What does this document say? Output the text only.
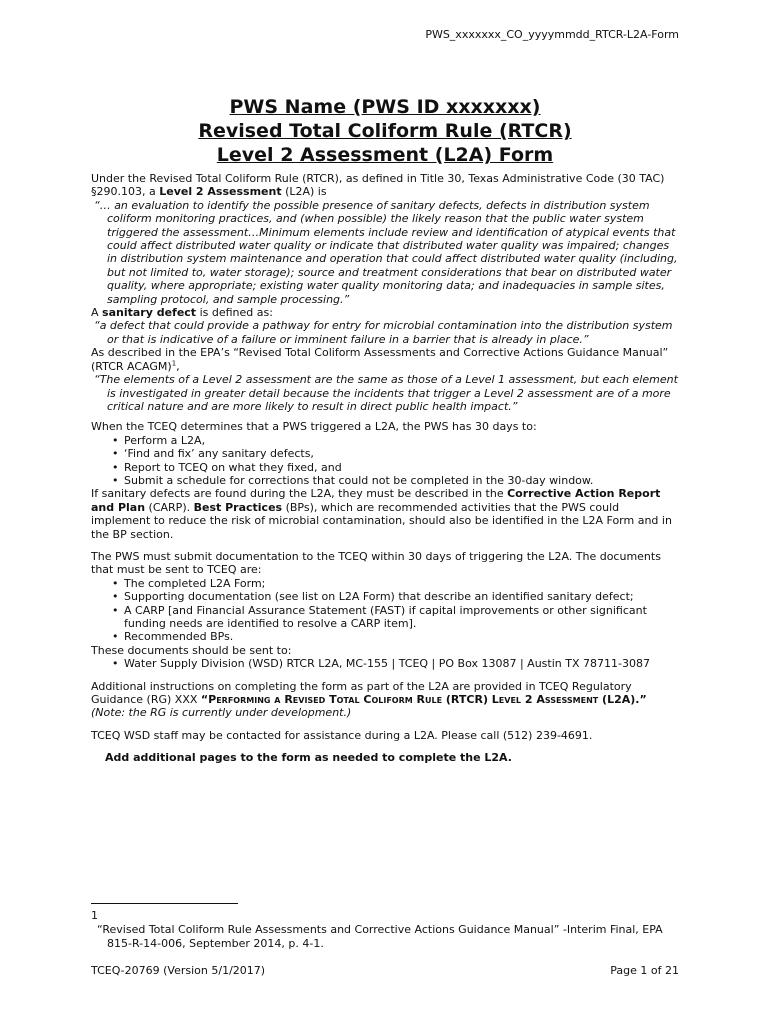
PWS_xxxxxxx_CO_yyyymmdd_RTCR-L2A-Form
PWS Name (PWS ID xxxxxxx)
Revised Total Coliform Rule (RTCR)
Level 2 Assessment (L2A) Form

Under the Revised Total Coliform Rule (RTCR), as defined in Title 30, Texas Administrative Code (30 TAC) §290.103, a Level 2 Assessment (L2A) is

“… an evaluation to identify the possible presence of sanitary defects, defects in distribution system coliform monitoring practices, and (when possible) the likely reason that the public water system triggered the assessment…Minimum elements include review and identification of atypical events that could affect distributed water quality or indicate that distributed water quality was impaired; changes in distribution system maintenance and operation that could affect distributed water quality (including, but not limited to, water storage); source and treatment considerations that bear on distributed water quality, where appropriate; existing water quality monitoring data; and inadequacies in sample sites, sampling protocol, and sample processing.”

A sanitary defect is defined as:

“a defect that could provide a pathway for entry for microbial contamination into the distribution system or that is indicative of a failure or imminent failure in a barrier that is already in place.”

As described in the EPA’s “Revised Total Coliform Assessments and Corrective Actions Guidance Manual” (RTCR ACAGM)$^1$,

“The elements of a Level 2 assessment are the same as those of a Level 1 assessment, but each element is investigated in greater detail because the incidents that trigger a Level 2 assessment are of a more critical nature and are more likely to result in direct public health impact.”

When the TCEQ determines that a PWS triggered a L2A, the PWS has 30 days to:

• Perform a L2A,
• ‘Find and fix’ any sanitary defects,
• Report to TCEQ on what they fixed, and
• Submit a schedule for corrections that could not be completed in the 30-day window.

If sanitary defects are found during the L2A, they must be described in the Corrective Action Report and Plan (CARP). Best Practices (BPs), which are recommended activities that the PWS could implement to reduce the risk of microbial contamination, should also be identified in the L2A Form and in the BP section.

The PWS must submit documentation to the TCEQ within 30 days of triggering the L2A. The documents that must be sent to TCEQ are:

• The completed L2A Form;
• Supporting documentation (see list on L2A Form) that describe an identified sanitary defect;
• A CARP [and Financial Assurance Statement (FAST) if capital improvements or other significant funding needs are identified to resolve a CARP item].
• Recommended BPs.

These documents should be sent to:

• Water Supply Division (WSD) RTCR L2A, MC-155 | TCEQ | PO Box 13087 | Austin TX 78711-3087

Additional instructions on completing the form as part of the L2A are provided in TCEQ Regulatory Guidance (RG) XXX “Performing a Revised Total Coliform Rule (RTCR) Level 2 Assessment (L2A).” (Note: the RG is currently under development.)

TCEQ WSD staff may be contacted for assistance during a L2A. Please call (512) 239-4691.

Add additional pages to the form as needed to complete the L2A.

1
“Revised Total Coliform Rule Assessments and Corrective Actions Guidance Manual” -Interim Final, EPA 815-R-14-006, September 2014, p. 4-1.
TCEQ-20769 (Version 5/1/2017)	Page 1 of 21
